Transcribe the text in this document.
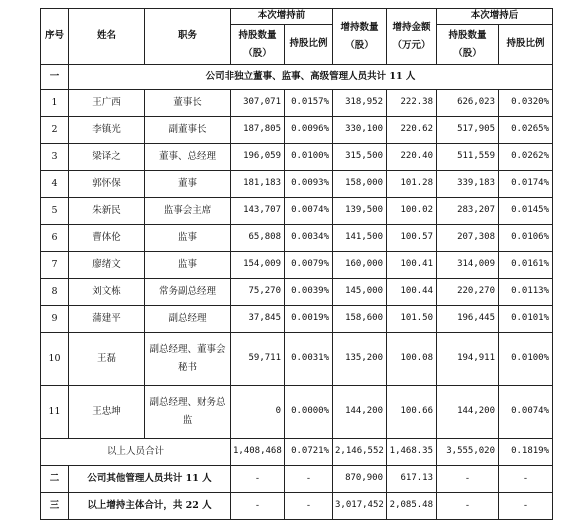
序号	姓名	职务	本次增持前		增持数量（股）	增持金额（万元）	本次增持后	
			持股数量（股）	持股比例			持股数量（股）	持股比例
一	公司非独立董事、监事、高级管理人员共计 11 人							
1	王广西	董事长	307,071	0.0157%	318,952	222.38	626,023	0.0320%
2	李镇光	副董事长	187,805	0.0096%	330,100	220.62	517,905	0.0265%
3	梁译之	董事、总经理	196,059	0.0100%	315,500	220.40	511,559	0.0262%
4	郭怀保	董事	181,183	0.0093%	158,000	101.28	339,183	0.0174%
5	朱新民	监事会主席	143,707	0.0074%	139,500	100.02	283,207	0.0145%
6	曹体伦	监事	65,808	0.0034%	141,500	100.57	207,308	0.0106%
7	廖绪文	监事	154,009	0.0079%	160,000	100.41	314,009	0.0161%
8	刘文栋	常务副总经理	75,270	0.0039%	145,000	100.44	220,270	0.0113%
9	蒲建平	副总经理	37,845	0.0019%	158,600	101.50	196,445	0.0101%
10	王磊	副总经理、董事会秘书	59,711	0.0031%	135,200	100.08	194,911	0.0100%
11	王忠坤	副总经理、财务总监	0	0.0000%	144,200	100.66	144,200	0.0074%
以上人员合计			1,408,468	0.0721%	2,146,552	1,468.35	3,555,020	0.1819%
二	公司其他管理人员共计 11 人		-	-	870,900	617.13	-	-
三	以上增持主体合计，共 22 人		-	-	3,017,452	2,085.48	-	-
